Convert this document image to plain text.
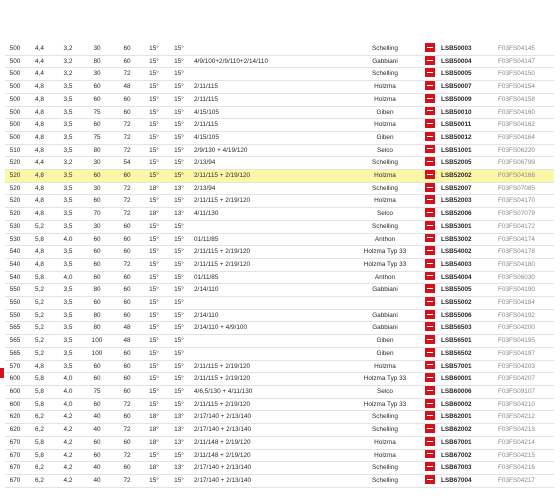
500	4,4	3,2	30	60	15°	15°		Schelling		LSB50003	F03FS04145
500	4,4	3,2	80	60	15°	15°	4/9/100+2/9/110+2/14/110	Gabbiani		LSB50004	F03FS04147
500	4,4	3,2	30	72	15°	15°		Schelling		LSB50005	F03FS04150
500	4,8	3,5	60	48	15°	15°	2/11/115	Holzma		LSB50007	F03FS04154
500	4,8	3,5	60	60	15°	15°	2/11/115	Holzma		LSB50009	F03FS04158
500	4,8	3,5	75	60	15°	15°	4/15/105	Giben		LSB50010	F03FS04160
500	4,8	3,5	60	72	15°	15°	2/11/115	Holzma		LSB50011	F03FS04162
500	4,8	3,5	75	72	15°	15°	4/15/105	Giben		LSB50012	F03FS04164
510	4,8	3,5	80	72	15°	15°	2/9/130 + 4/19/120	Selco		LSB51001	F03FS06220
520	4,4	3,2	30	54	15°	15°	2/13/94	Schelling		LSB52005	F03FS06799
520	4,8	3,5	60	60	15°	15°	2/11/115 + 2/19/120	Holzma		LSB52002	F03FS04168
520	4,8	3,5	30	72	18°	13°	2/13/94	Schelling		LSB52007	F03FS07085
520	4,8	3,5	60	72	15°	15°	2/11/115 + 2/19/120	Holzma		LSB52003	F03FS04170
520	4,8	3,5	70	72	18°	13°	4/11/130	Selco		LSB52006	F03FS07079
530	5,2	3,5	30	60	15°	15°		Schelling		LSB53001	F03FS04172
530	5,8	4,0	60	60	15°	15°	01/11/85	Anthon		LSB53002	F03FS04174
540	4,8	3,5	60	60	15°	15°	2/11/115 + 2/19/120	Holzma Typ 33		LSB54002	F03FS04178
540	4,8	3,5	60	72	15°	15°	2/11/115 + 2/19/120	Holzma Typ 33		LSB54003	F03FS04180
540	5,8	4,0	60	60	15°	15°	01/11/85	Anthon		LSB54004	F03FS06030
550	5,2	3,5	80	60	15°	15°	2/14/110	Gabbiani		LSB55005	F03FS04190
550	5,2	3,5	60	60	15°	15°				LSB55002	F03FS04184
550	5,2	3,5	80	60	15°	15°	2/14/110	Gabbiani		LSB55006	F03FS04192
565	5,2	3,5	80	48	15°	15°	2/14/110 + 4/9/100	Gabbiani		LSB56503	F03FS04200
565	5,2	3,5	100	48	15°	15°		Giben		LSB56501	F03FS04195
565	5,2	3,5	100	60	15°	15°		Giben		LSB56502	F03FS04197
570	4,8	3,5	60	60	15°	15°	2/11/115 + 2/19/120	Holzma		LSB57001	F03FS04203
600	5,8	4,0	60	60	15°	15°	2/11/115 + 2/19/120	Holzma Typ 33		LSB60001	F03FS04207
600	5,8	4,0	75	60	15°	15°	4/6,5/130 + 4/11/130	Selco		LSB60006	F03FS09107
600	5,8	4,0	60	72	15°	15°	2/11/115 + 2/19/120	Holzma Typ 33		LSB60002	F03FS04210
620	6,2	4,2	40	60	18°	13°	2/17/140 + 2/13/140	Schelling		LSB62001	F03FS04212
620	6,2	4,2	40	72	18°	13°	2/17/140 + 2/13/140	Schelling		LSB62002	F03FS04213
670	5,8	4,2	60	60	18°	13°	2/11/148 + 2/19/120	Holzma		LSB67001	F03FS04214
670	5,8	4,2	60	72	15°	15°	2/11/148 + 2/19/120	Holzma		LSB67002	F03FS04215
670	6,2	4,2	40	60	18°	13°	2/17/140 + 2/13/140	Schelling		LSB67003	F03FS04216
670	6,2	4,2	40	72	15°	15°	2/17/140 + 2/13/140	Schelling		LSB67004	F03FS04217
